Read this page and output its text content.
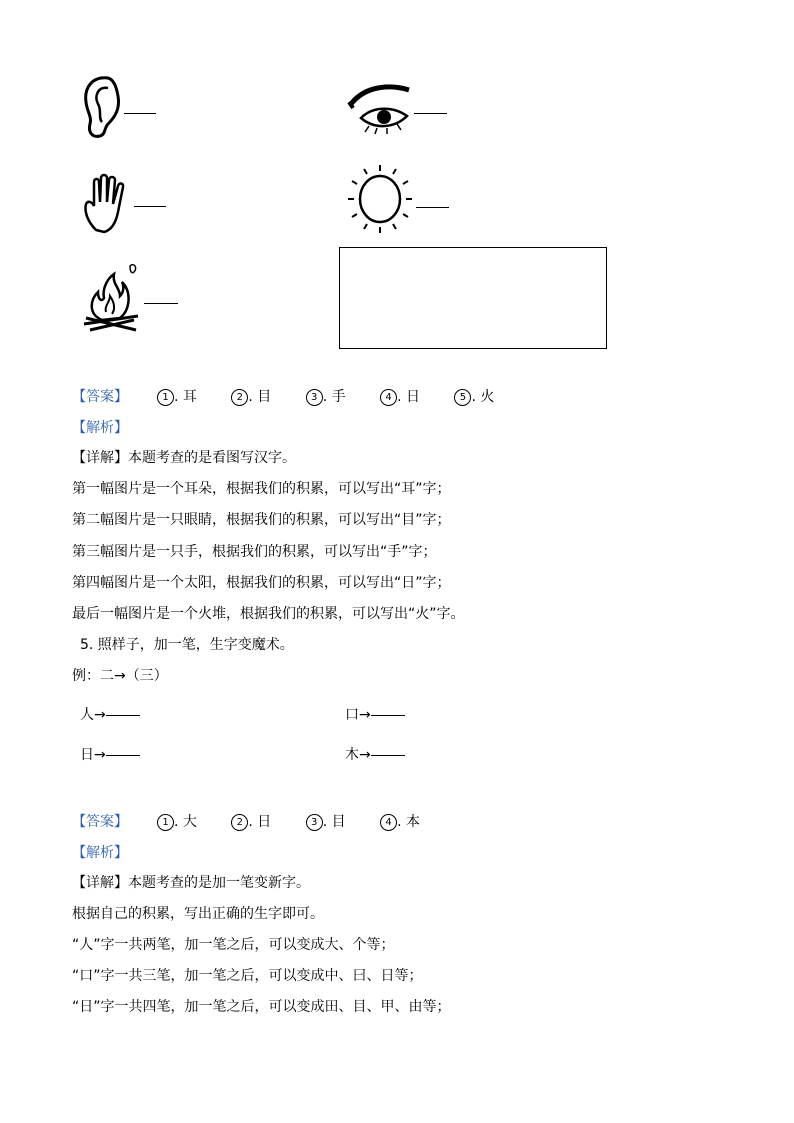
【答案】	1 . 耳	2 . 目	3 . 手	4 . 日	5 . 火
【解析】
【详解】本题考查的是看图写汉字。
第一幅图片是一个耳朵，根据我们的积累，可以写出“耳”字；
第二幅图片是一只眼睛，根据我们的积累，可以写出“目”字；
第三幅图片是一只手，根据我们的积累，可以写出“手”字；
第四幅图片是一个太阳，根据我们的积累，可以写出“日”字；
最后一幅图片是一个火堆，根据我们的积累，可以写出“火”字。
5. 照样子，加一笔，生字变魔术。
例：二→（三）
人→	口→
日→	木→
【答案】	1 . 大	2 . 日	3 . 目	4 . 本
【解析】
【详解】本题考查的是加一笔变新字。
根据自己的积累，写出正确的生字即可。
“人”字一共两笔，加一笔之后，可以变成大、个等；
“口”字一共三笔，加一笔之后，可以变成中、曰、日等；
“日”字一共四笔，加一笔之后，可以变成田、目、甲、由等；
